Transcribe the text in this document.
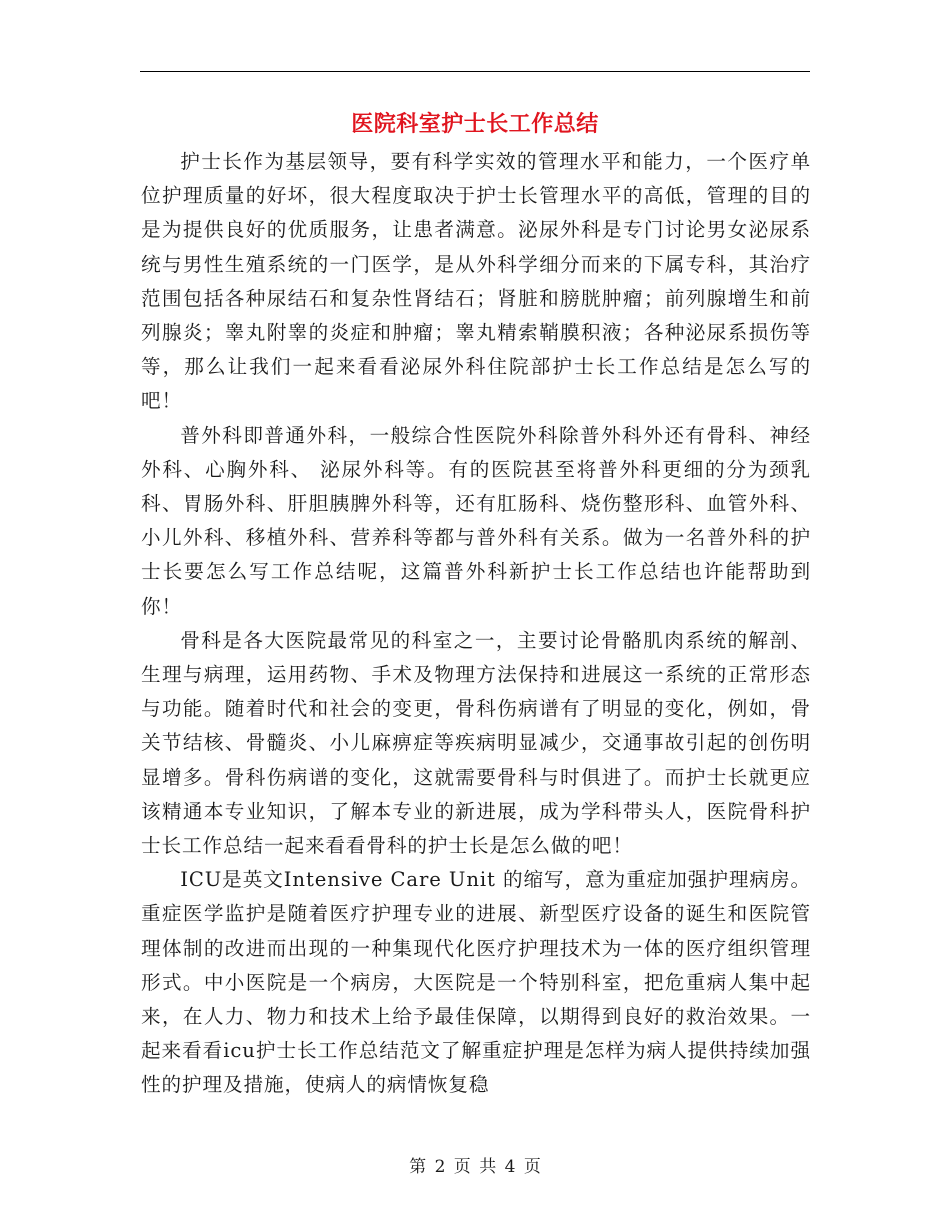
医院科室护士长工作总结

护士长作为基层领导，要有科学实效的管理水平和能力，一个医疗单位护理质量的好坏，很大程度取决于护士长管理水平的高低，管理的目的是为提供良好的优质服务，让患者满意。泌尿外科是专门讨论男女泌尿系统与男性生殖系统的一门医学，是从外科学细分而来的下属专科，其治疗范围包括各种尿结石和复杂性肾结石；肾脏和膀胱肿瘤；前列腺增生和前列腺炎；睾丸附睾的炎症和肿瘤；睾丸精索鞘膜积液；各种泌尿系损伤等等，那么让我们一起来看看泌尿外科住院部护士长工作总结是怎么写的吧！

普外科即普通外科，一般综合性医院外科除普外科外还有骨科、神经外科、心胸外科、 泌尿外科等。有的医院甚至将普外科更细的分为颈乳科、胃肠外科、肝胆胰脾外科等，还有肛肠科、烧伤整形科、血管外科、 小儿外科、移植外科、营养科等都与普外科有关系。做为一名普外科的护士长要怎么写工作总结呢，这篇普外科新护士长工作总结也许能帮助到你！

骨科是各大医院最常见的科室之一，主要讨论骨骼肌肉系统的解剖、生理与病理，运用药物、手术及物理方法保持和进展这一系统的正常形态与功能。随着时代和社会的变更，骨科伤病谱有了明显的变化，例如，骨关节结核、骨髓炎、小儿麻痹症等疾病明显减少，交通事故引起的创伤明显增多。骨科伤病谱的变化，这就需要骨科与时俱进了。而护士长就更应该精通本专业知识，了解本专业的新进展，成为学科带头人，医院骨科护士长工作总结一起来看看骨科的护士长是怎么做的吧！

ICU是英文Intensive Care Unit 的缩写，意为重症加强护理病房。重症医学监护是随着医疗护理专业的进展、新型医疗设备的诞生和医院管理体制的改进而出现的一种集现代化医疗护理技术为一体的医疗组织管理形式。中小医院是一个病房，大医院是一个特别科室，把危重病人集中起来，在人力、物力和技术上给予最佳保障，以期得到良好的救治效果。一起来看看icu护士长工作总结范文了解重症护理是怎样为病人提供持续加强性的护理及措施，使病人的病情恢复稳

第 2 页 共 4 页
